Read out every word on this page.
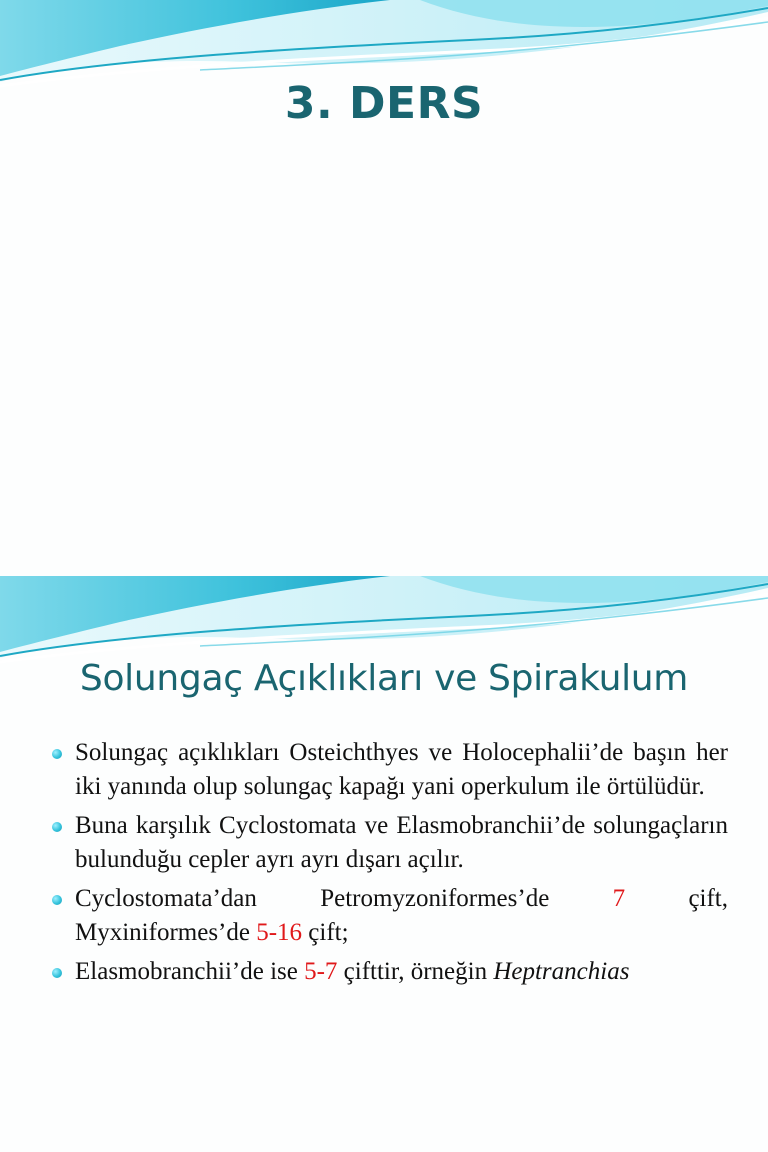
3. DERS
Solungaç Açıklıkları ve Spirakulum
Solungaç açıklıkları Osteichthyes ve Holocephalii’de başın her iki yanında olup solungaç kapağı yani operkulum ile örtülüdür.
Buna karşılık Cyclostomata ve Elasmobranchii’de solungaçların bulunduğu cepler ayrı ayrı dışarı açılır.
Cyclostomata’dan Petromyzoniformes’de	7	çift, Myxiniformes’de 5-16 çift;
Elasmobranchii’de ise 5-7 çifttir, örneğin Heptranchias
